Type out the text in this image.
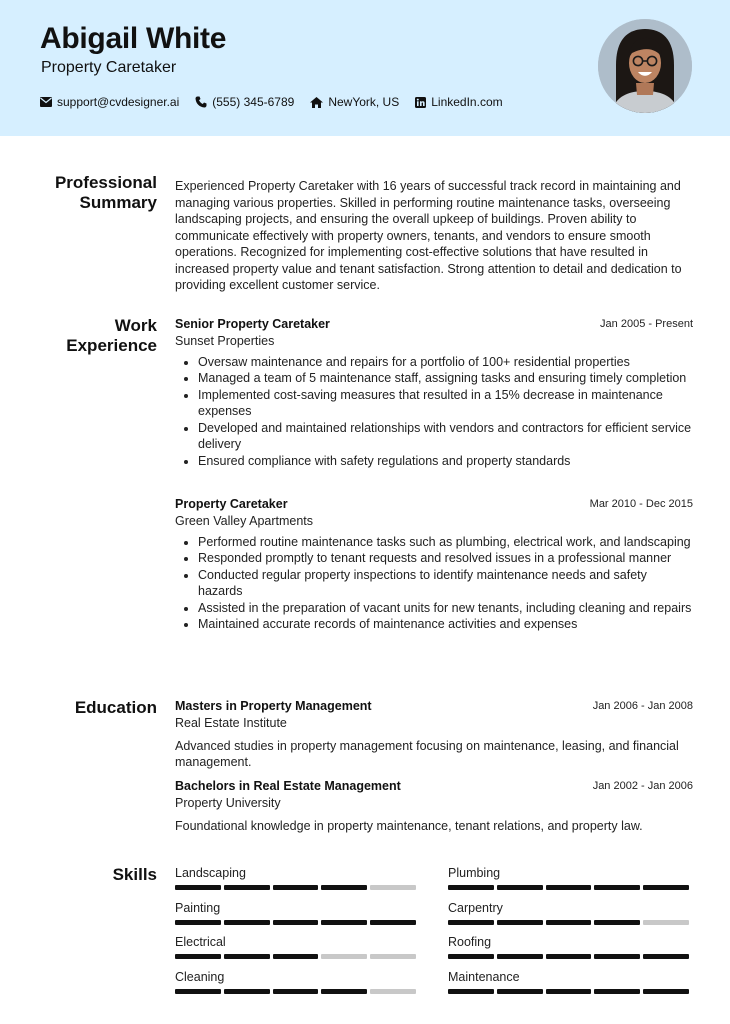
Abigail White
Property Caretaker
support@cvdesigner.ai	(555) 345-6789	NewYork, US	LinkedIn.com
Professional Summary
Experienced Property Caretaker with 16 years of successful track record in maintaining and managing various properties. Skilled in performing routine maintenance tasks, overseeing landscaping projects, and ensuring the overall upkeep of buildings. Proven ability to communicate effectively with property owners, tenants, and vendors to ensure smooth operations. Recognized for implementing cost-effective solutions that have resulted in increased property value and tenant satisfaction. Strong attention to detail and dedication to providing excellent customer service.
Work Experience
Senior Property Caretaker	Jan 2005 - Present
Sunset Properties
• Oversaw maintenance and repairs for a portfolio of 100+ residential properties
• Managed a team of 5 maintenance staff, assigning tasks and ensuring timely completion
• Implemented cost-saving measures that resulted in a 15% decrease in maintenance expenses
• Developed and maintained relationships with vendors and contractors for efficient service delivery
• Ensured compliance with safety regulations and property standards
Property Caretaker	Mar 2010 - Dec 2015
Green Valley Apartments
• Performed routine maintenance tasks such as plumbing, electrical work, and landscaping
• Responded promptly to tenant requests and resolved issues in a professional manner
• Conducted regular property inspections to identify maintenance needs and safety hazards
• Assisted in the preparation of vacant units for new tenants, including cleaning and repairs
• Maintained accurate records of maintenance activities and expenses
Education Masters in Property Management	Jan 2006 - Jan 2008
Real Estate Institute
Advanced studies in property management focusing on maintenance, leasing, and financial management.
Bachelors in Real Estate Management	Jan 2002 - Jan 2006
Property University
Foundational knowledge in property maintenance, tenant relations, and property law.
Skills Landscaping	Plumbing
Painting	Carpentry
Electrical	Roofing
Cleaning	Maintenance
